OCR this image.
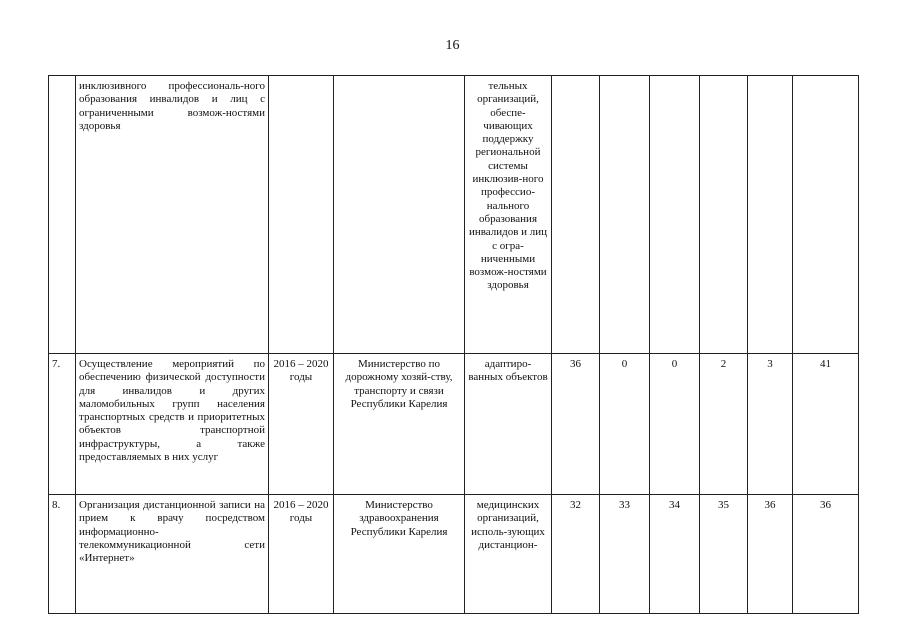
16
	инклюзивного профессиональ-ного образования инвалидов и лиц с ограниченными возмож-ностями здоровья			тельных организаций, обеспе-чивающих поддержку региональной системы инклюзив-ного профессио-нального образования инвалидов и лиц с огра-ниченными возмож-ностями здоровья						
7.	Осуществление мероприятий по обеспечению физической доступности для инвалидов и других маломобильных групп населения транспортных средств и приоритетных объектов транспортной инфраструктуры, а также предоставляемых в них услуг	2016 – 2020 годы	Министерство по дорожному хозяй-ству, транспорту и связи Республики Карелия	адаптиро-ванных объектов	36	0	0	2	3	41
8.	Организация дистанционной записи на прием к врачу посредством информационно-телекоммуникационной сети «Интернет»	2016 – 2020 годы	Министерство здравоохранения Республики Карелия	медицинских организаций, исполь-зующих дистанцион-	32	33	34	35	36	36
